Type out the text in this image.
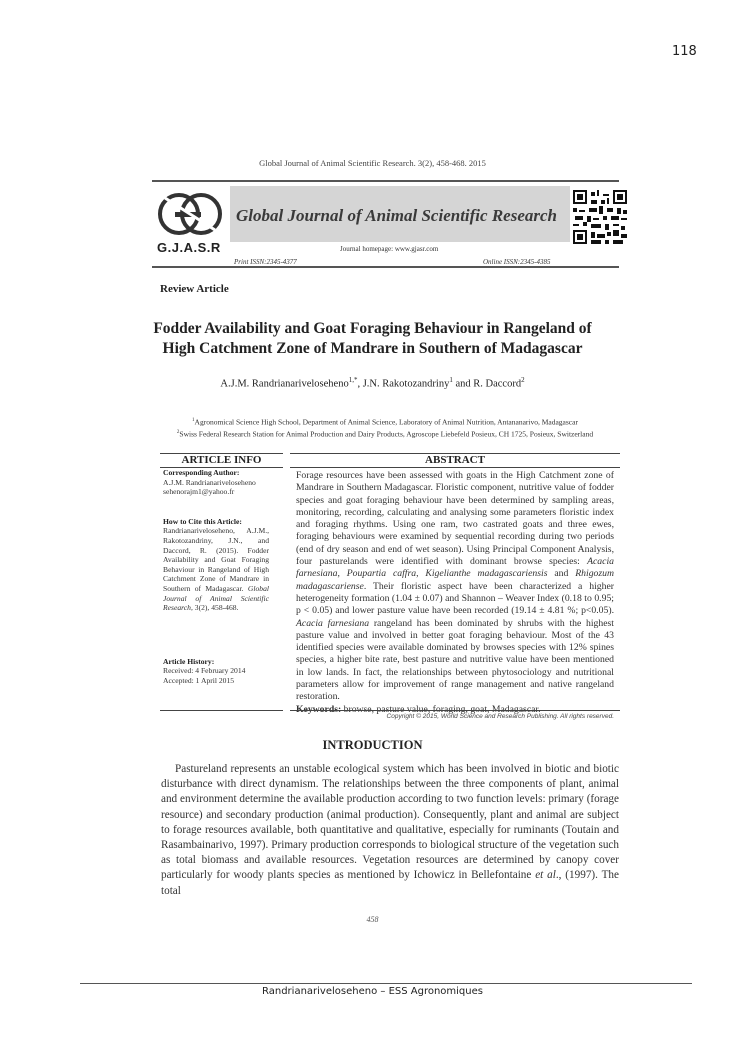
118
Global Journal of Animal Scientific Research. 3(2), 458-468. 2015
G.J.A.S.R
Global Journal of Animal Scientific Research
Journal homepage: www.gjasr.com
Print ISSN:2345-4377	Online ISSN:2345-4385
Review Article
Fodder Availability and Goat Foraging Behaviour in Rangeland of
High Catchment Zone of Mandrare in Southern of Madagascar
A.J.M. Randrianariveloseheno$^{1,*}$, J.N. Rakotozandriny$^1$ and R. Daccord$^2$
$^1$Agronomical Science High School, Department of Animal Science, Laboratory of Animal Nutrition, Antananarivo, Madagascar
$^2$Swiss Federal Research Station for Animal Production and Dairy Products, Agroscope Liebefeld Posieux, CH 1725, Posieux, Switzerland
ARTICLE INFO	ABSTRACT
Corresponding Author:
A.J.M. Randrianariveloseheno
sehenorajm1@yahoo.fr
How to Cite this Article:
Randrianariveloseheno, A.J.M., Rakotozandriny, J.N., and Daccord, R. (2015). Fodder Availability and Goat Foraging Behaviour in Rangeland of High Catchment Zone of Mandrare in Southern of Madagascar. Global Journal of Animal Scientific Research, 3(2), 458-468.
Article History:
Received: 4 February 2014
Accepted: 1 April 2015
Forage resources have been assessed with goats in the High Catchment zone of Mandrare in Southern Madagascar. Floristic component, nutritive value of fodder species and goat foraging behaviour have been determined by sampling areas, monitoring, recording, calculating and analysing some parameters floristic index and foraging rhythms. Using one ram, two castrated goats and three ewes, foraging behaviours were examined by sequential recording during two periods (end of dry season and end of wet season). Using Principal Component Analysis, four pasturelands were identified with dominant browse species: Acacia farnesiana, Poupartia caffra, Kigelianthe madagascariensis and Rhigozum madagascariense. Their floristic aspect have been characterized a higher heterogeneity formation (1.04 ± 0.07) and Shannon – Weaver Index (0.18 to 0.95; p < 0.05) and lower pasture value have been recorded (19.14 ± 4.81 %; p<0.05). Acacia farnesiana rangeland has been dominated by shrubs with the highest pasture value and involved in better goat foraging behaviour. Most of the 43 identified species were available dominated by browses species with 12% spines species, a higher bite rate, best pasture and nutritive value have been mentioned in low lands. In fact, the relationships between phytosociology and nutritional parameters allow for improvement of range management and native rangeland restoration.

Copyright © 2015, World Science and Research Publishing. All rights reserved.
INTRODUCTION

Pastureland represents an unstable ecological system which has been involved in biotic and biotic disturbance with direct dynamism. The relationships between the three components of plant, animal and environment determine the available production according to two function levels: primary (forage resource) and secondary production (animal production). Consequently, plant and animal are subject to forage resources available, both quantitative and qualitative, especially for ruminants (Toutain and Rasambainarivo, 1997). Primary production corresponds to biological structure of the vegetation such as total biomass and available resources. Vegetation resources are determined by canopy cover particularly for woody plants species as mentioned by Ichowicz in Bellefontaine et al., (1997). The total

458
Randrianariveloseheno – ESS Agronomiques
